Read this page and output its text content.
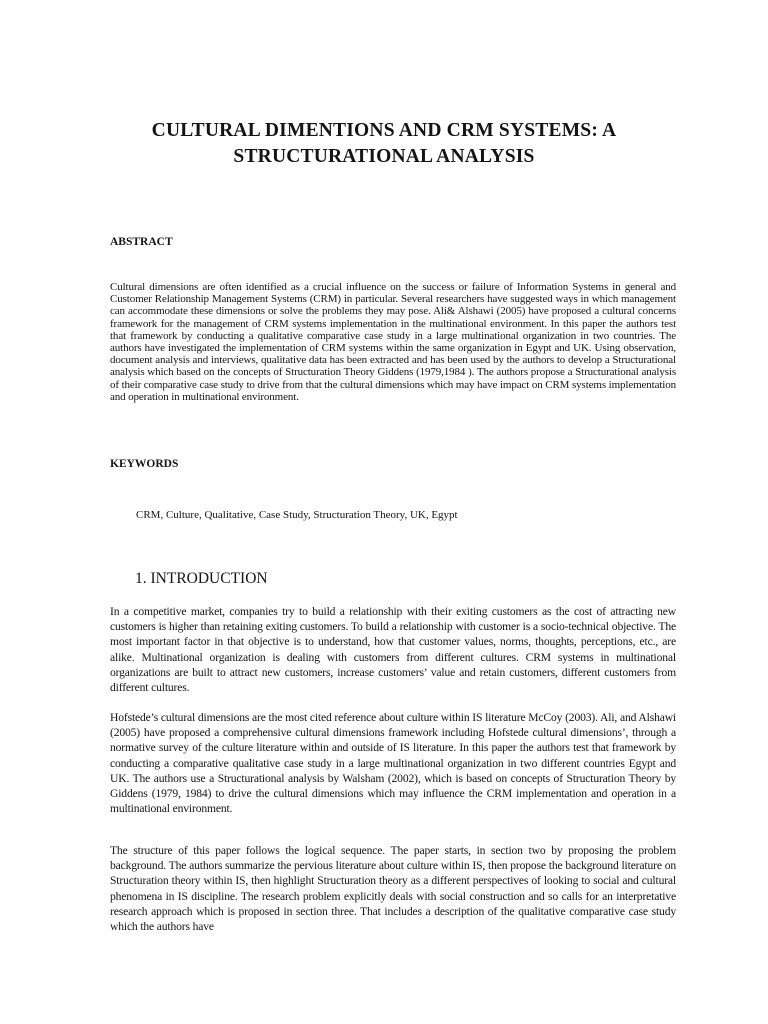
CULTURAL DIMENTIONS AND CRM SYSTEMS: A
STRUCTURATIONAL ANALYSIS
ABSTRACT
Cultural dimensions are often identified as a crucial influence on the success or failure of Information Systems in general and Customer Relationship Management Systems (CRM) in particular. Several researchers have suggested ways in which management can accommodate these dimensions or solve the problems they may pose. Ali& Alshawi (2005) have proposed a cultural concerns framework for the management of CRM systems implementation in the multinational environment. In this paper the authors test that framework by conducting a qualitative comparative case study in a large multinational organization in two countries. The authors have investigated the implementation of CRM systems within the same organization in Egypt and UK. Using observation, document analysis and interviews, qualitative data has been extracted and has been used by the authors to develop a Structurational analysis which based on the concepts of Structuration Theory Giddens (1979,1984 ). The authors propose a Structurational analysis of their comparative case study to drive from that the cultural dimensions which may have impact on CRM systems implementation and operation in multinational environment.
KEYWORDS
CRM, Culture, Qualitative, Case Study, Structuration Theory, UK, Egypt
1. INTRODUCTION
In a competitive market, companies try to build a relationship with their exiting customers as the cost of attracting new customers is higher than retaining exiting customers. To build a relationship with customer is a socio-technical objective. The most important factor in that objective is to understand, how that customer values, norms, thoughts, perceptions, etc., are alike. Multinational organization is dealing with customers from different cultures. CRM systems in multinational organizations are built to attract new customers, increase customers’ value and retain customers, different customers from different cultures.
Hofstede’s cultural dimensions are the most cited reference about culture within IS literature McCoy (2003). Ali, and Alshawi (2005) have proposed a comprehensive cultural dimensions framework including Hofstede cultural dimensions’, through a normative survey of the culture literature within and outside of IS literature. In this paper the authors test that framework by conducting a comparative qualitative case study in a large multinational organization in two different countries Egypt and UK. The authors use a Structurational analysis by Walsham (2002), which is based on concepts of Structuration Theory by Giddens (1979, 1984) to drive the cultural dimensions which may influence the CRM implementation and operation in a multinational environment.
The structure of this paper follows the logical sequence. The paper starts, in section two by proposing the problem background. The authors summarize the pervious literature about culture within IS, then propose the background literature on Structuration theory within IS, then highlight Structuration theory as a different perspectives of looking to social and cultural phenomena in IS discipline. The research problem explicitly deals with social construction and so calls for an interpretative research approach which is proposed in section three. That includes a description of the qualitative comparative case study which the authors have
